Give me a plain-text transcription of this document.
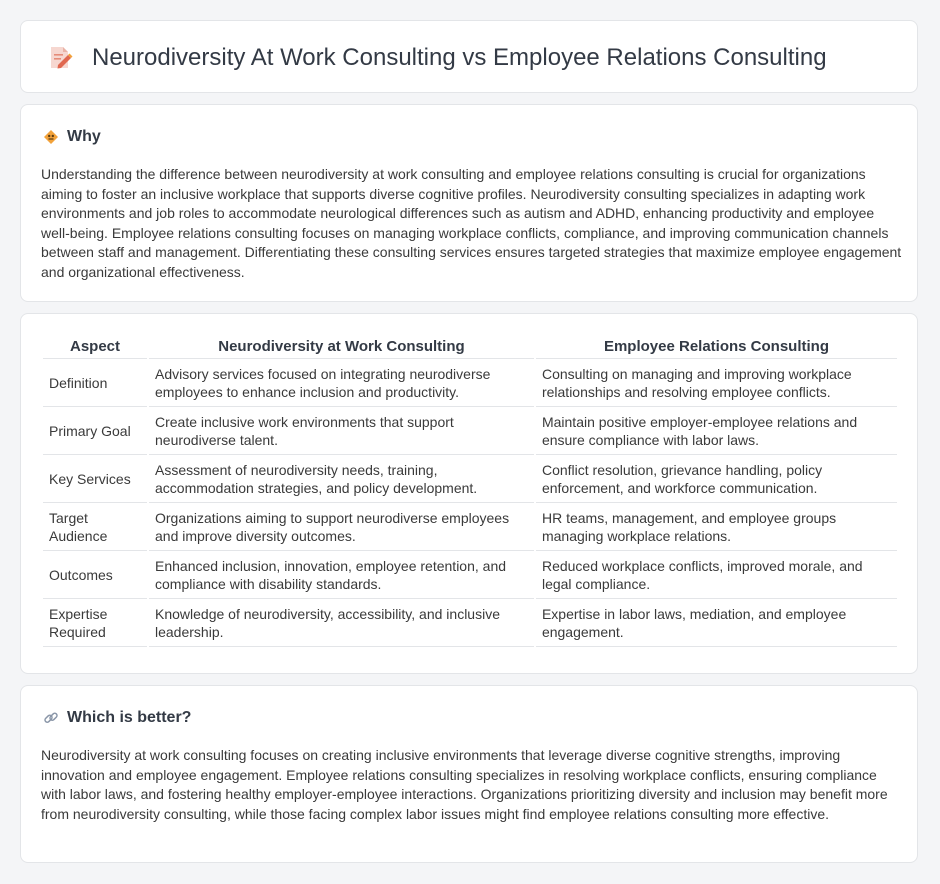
Neurodiversity At Work Consulting vs Employee Relations Consulting
Why

Understanding the difference between neurodiversity at work consulting and employee relations consulting is crucial for organizations aiming to foster an inclusive workplace that supports diverse cognitive profiles. Neurodiversity consulting specializes in adapting work environments and job roles to accommodate neurological differences such as autism and ADHD, enhancing productivity and employee well-being. Employee relations consulting focuses on managing workplace conflicts, compliance, and improving communication channels between staff and management. Differentiating these consulting services ensures targeted strategies that maximize employee engagement and organizational effectiveness.

Aspect	Neurodiversity at Work Consulting	Employee Relations Consulting
Definition	Advisory services focused on integrating neurodiverse employees to enhance inclusion and productivity.	Consulting on managing and improving workplace relationships and resolving employee conflicts.
Primary Goal	Create inclusive work environments that support neurodiverse talent.	Maintain positive employer-employee relations and ensure compliance with labor laws.
Key Services	Assessment of neurodiversity needs, training, accommodation strategies, and policy development.	Conflict resolution, grievance handling, policy enforcement, and workforce communication.
Target Audience	Organizations aiming to support neurodiverse employees and improve diversity outcomes.	HR teams, management, and employee groups managing workplace relations.
Outcomes	Enhanced inclusion, innovation, employee retention, and compliance with disability standards.	Reduced workplace conflicts, improved morale, and legal compliance.
Expertise Required	Knowledge of neurodiversity, accessibility, and inclusive leadership.	Expertise in labor laws, mediation, and employee engagement.
Which is better?

Neurodiversity at work consulting focuses on creating inclusive environments that leverage diverse cognitive strengths, improving innovation and employee engagement. Employee relations consulting specializes in resolving workplace conflicts, ensuring compliance with labor laws, and fostering healthy employer-employee interactions. Organizations prioritizing diversity and inclusion may benefit more from neurodiversity consulting, while those facing complex labor issues might find employee relations consulting more effective.
